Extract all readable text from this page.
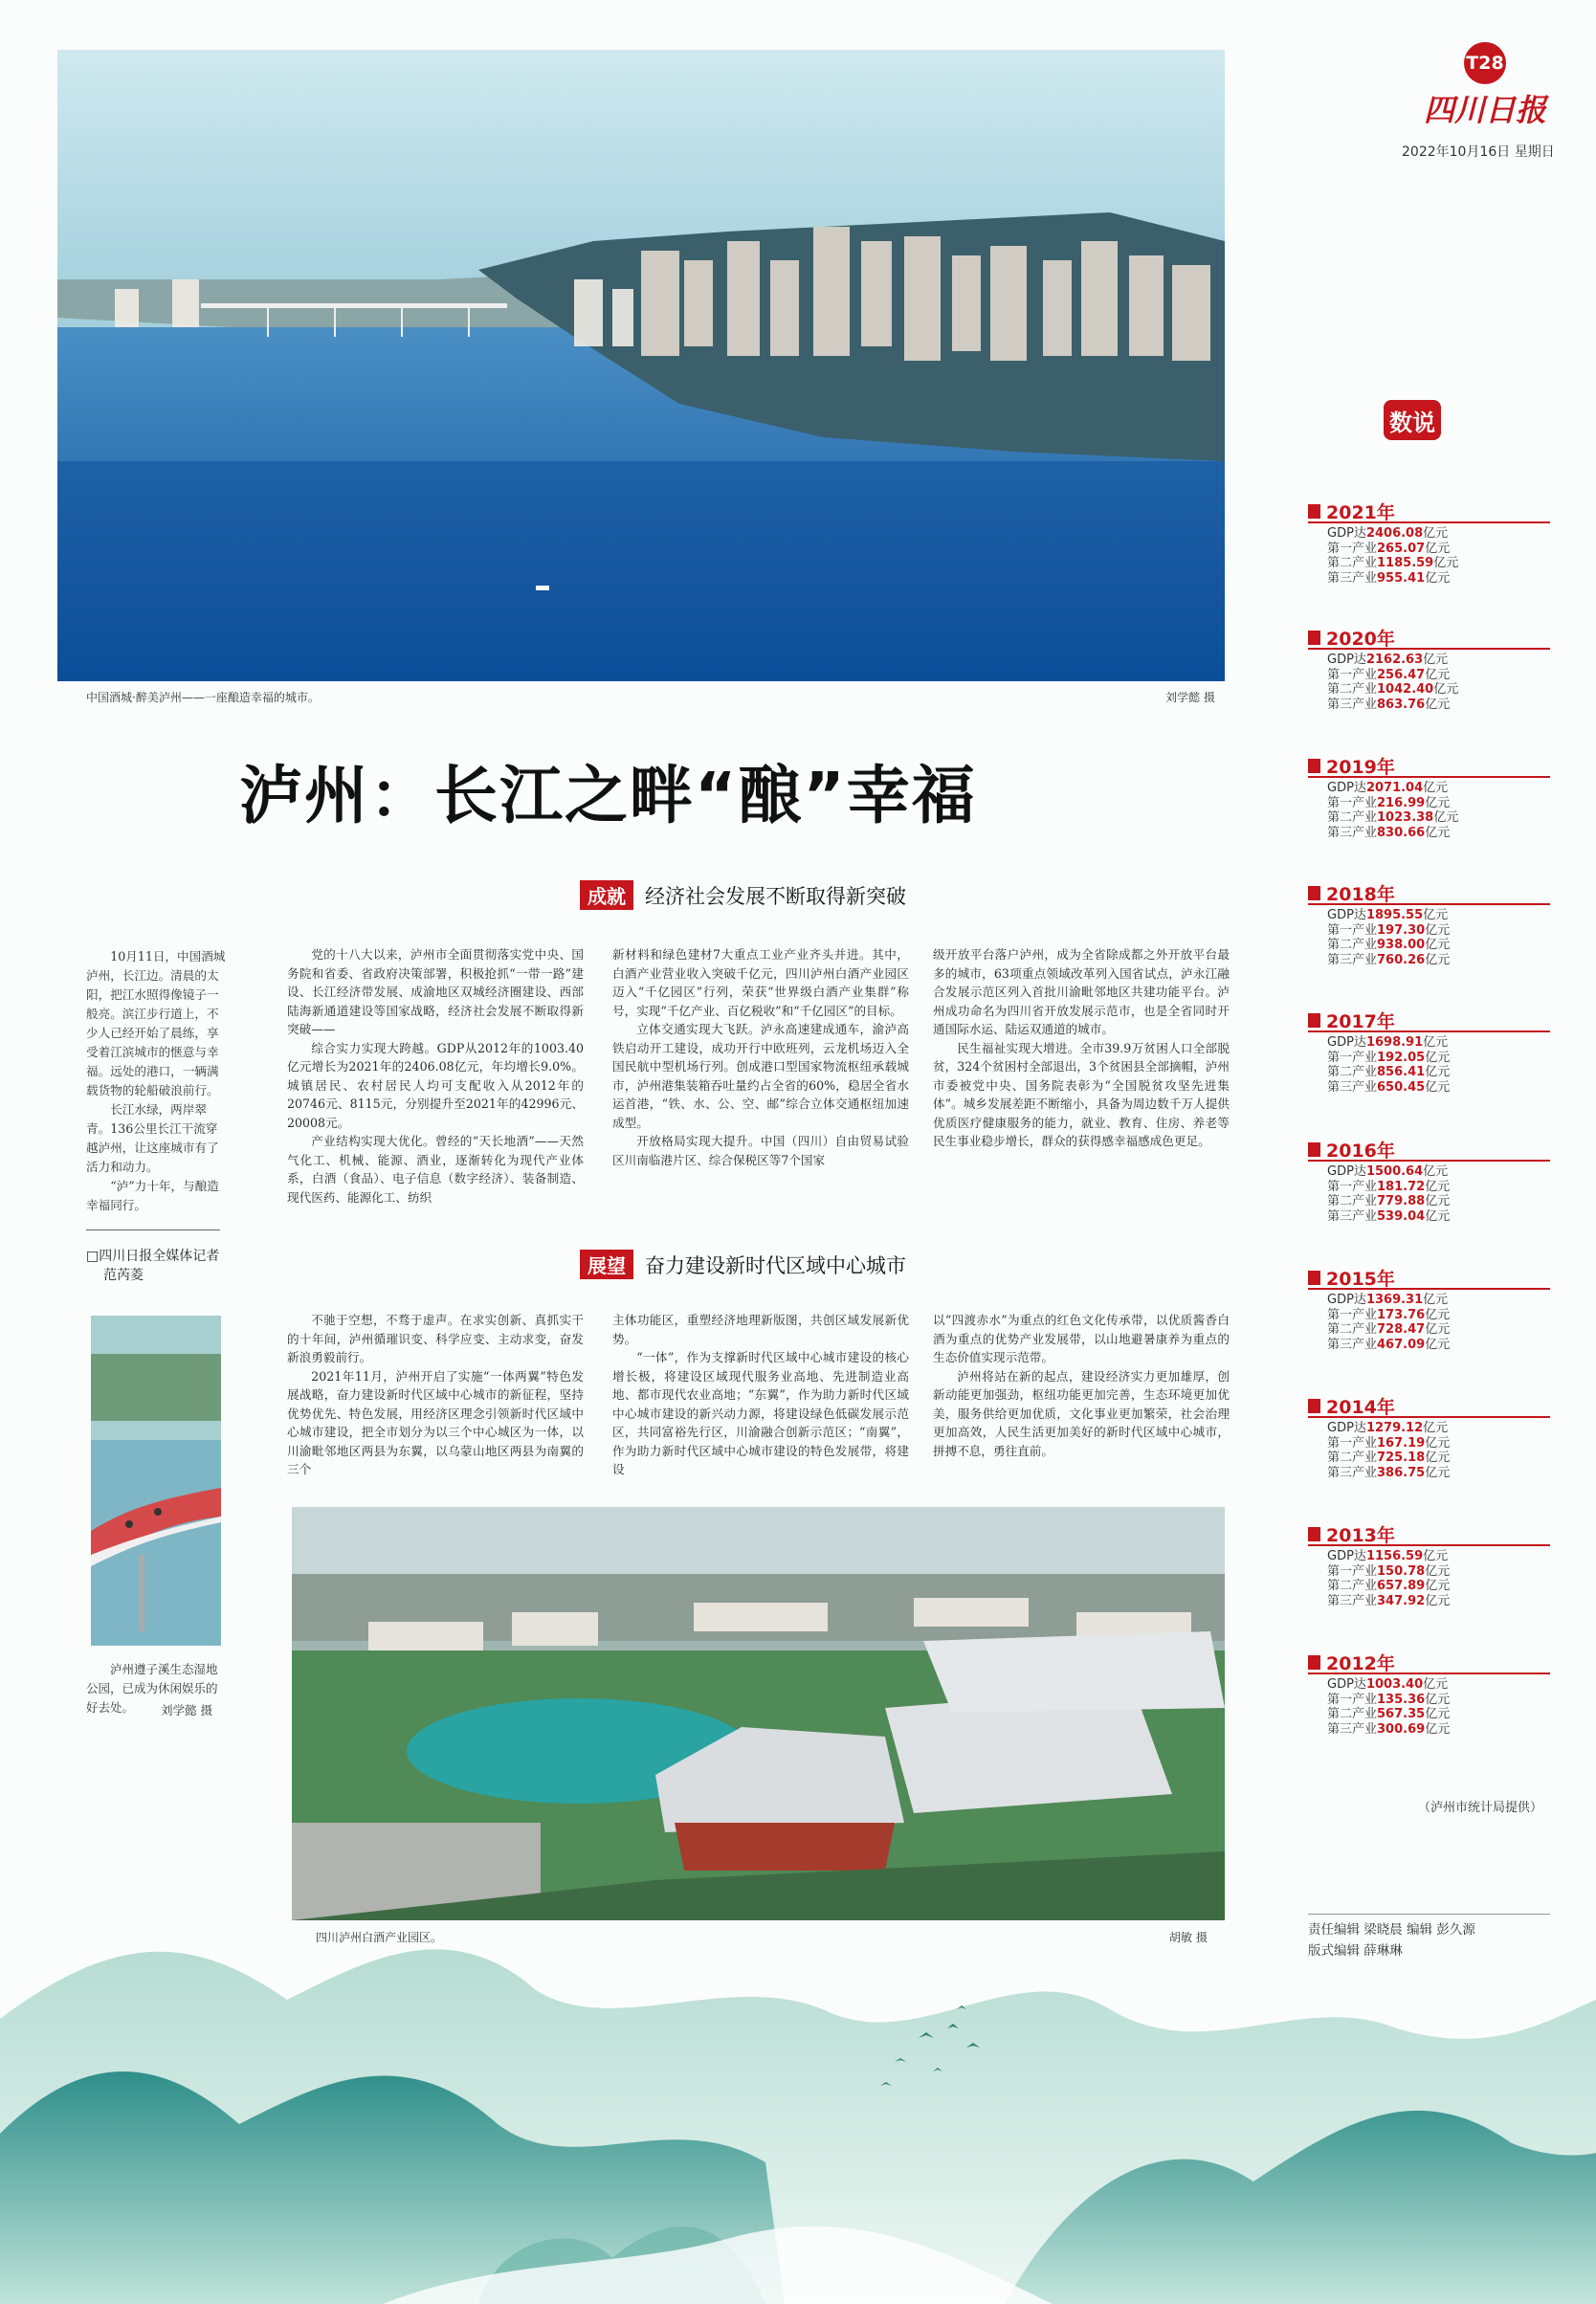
T28
四川日报
2022年10月16日 星期日
中国酒城·醉美泸州——一座酿造幸福的城市。	刘学懿 摄
泸州：长江之畔“酿”幸福
成就 经济社会发展不断取得新突破

10月11日，中国酒城泸州，长江边。清晨的太阳，把江水照得像镜子一般亮。滨江步行道上，不少人已经开始了晨练，享受着江滨城市的惬意与幸福。远处的港口，一辆满载货物的轮船破浪前行。

长江水绿，两岸翠青。136公里长江干流穿越泸州，让这座城市有了活力和动力。

“泸”力十年，与酿造幸福同行。

□四川日报全媒体记者
范芮菱
泸州遵子溪生态湿地公园，已成为休闲娱乐的好去处。	刘学懿 摄

党的十八大以来，泸州市全面贯彻落实党中央、国务院和省委、省政府决策部署，积极抢抓“一带一路”建设、长江经济带发展、成渝地区双城经济圈建设、西部陆海新通道建设等国家战略，经济社会发展不断取得新突破——

综合实力实现大跨越。GDP从2012年的1003.40亿元增长为2021年的2406.08亿元，年均增长9.0%。城镇居民、农村居民人均可支配收入从2012年的20746元、8115元，分别提升至2021年的42996元、20008元。

产业结构实现大优化。曾经的“天长地酒”——天然气化工、机械、能源、酒业，逐渐转化为现代产业体系，白酒（食品）、电子信息（数字经济）、装备制造、现代医药、能源化工、纺织

新材料和绿色建材7大重点工业产业齐头并进。其中，白酒产业营业收入突破千亿元，四川泸州白酒产业园区迈入“千亿园区”行列，荣获“世界级白酒产业集群”称号，实现“千亿产业、百亿税收”和“千亿园区”的目标。

立体交通实现大飞跃。泸永高速建成通车，渝泸高铁启动开工建设，成功开行中欧班列，云龙机场迈入全国民航中型机场行列。创成港口型国家物流枢纽承载城市，泸州港集装箱吞吐量约占全省的60%，稳居全省水运首港，“铁、水、公、空、邮”综合立体交通枢纽加速成型。

开放格局实现大提升。中国（四川）自由贸易试验区川南临港片区、综合保税区等7个国家

级开放平台落户泸州，成为全省除成都之外开放平台最多的城市，63项重点领域改革列入国省试点，泸永江融合发展示范区列入首批川渝毗邻地区共建功能平台。泸州成功命名为四川省开放发展示范市，也是全省同时开通国际水运、陆运双通道的城市。

民生福祉实现大增进。全市39.9万贫困人口全部脱贫，324个贫困村全部退出，3个贫困县全部摘帽，泸州市委被党中央、国务院表彰为“全国脱贫攻坚先进集体”。城乡发展差距不断缩小，具备为周边数千万人提供优质医疗健康服务的能力，就业、教育、住房、养老等民生事业稳步增长，群众的获得感幸福感成色更足。

展望 奋力建设新时代区域中心城市

不驰于空想，不骛于虚声。在求实创新、真抓实干的十年间，泸州循璀识变、科学应变、主动求变，奋发新浪勇毅前行。

2021年11月，泸州开启了实施“一体两翼”特色发展战略，奋力建设新时代区域中心城市的新征程，坚持优势优先、特色发展，用经济区理念引领新时代区域中心城市建设，把全市划分为以三个中心城区为一体，以川渝毗邻地区两县为东翼，以乌蒙山地区两县为南翼的三个

主体功能区，重塑经济地理新版图，共创区域发展新优势。

“一体”，作为支撑新时代区域中心城市建设的核心增长极，将建设区域现代服务业高地、先进制造业高地、都市现代农业高地；“东翼”，作为助力新时代区域中心城市建设的新兴动力源，将建设绿色低碳发展示范区，共同富裕先行区，川渝融合创新示范区；“南翼”，作为助力新时代区域中心城市建设的特色发展带，将建设

以“四渡赤水”为重点的红色文化传承带，以优质酱香白酒为重点的优势产业发展带，以山地避暑康养为重点的生态价值实现示范带。

泸州将站在新的起点，建设经济实力更加雄厚，创新动能更加强劲，枢纽功能更加完善，生态环境更加优美，服务供给更加优质，文化事业更加繁荣，社会治理更加高效，人民生活更加美好的新时代区域中心城市，拼搏不息，勇往直前。

四川泸州白酒产业园区。	胡敏 摄
数说
2021年
GDP达2406.08亿元
第一产业265.07亿元
第二产业1185.59亿元
第三产业955.41亿元
2020年
GDP达2162.63亿元
第一产业256.47亿元
第二产业1042.40亿元
第三产业863.76亿元
2019年
GDP达2071.04亿元
第一产业216.99亿元
第二产业1023.38亿元
第三产业830.66亿元
2018年
GDP达1895.55亿元
第一产业197.30亿元
第二产业938.00亿元
第三产业760.26亿元
2017年
GDP达1698.91亿元
第一产业192.05亿元
第二产业856.41亿元
第三产业650.45亿元
2016年
GDP达1500.64亿元
第一产业181.72亿元
第二产业779.88亿元
第三产业539.04亿元
2015年
GDP达1369.31亿元
第一产业173.76亿元
第二产业728.47亿元
第三产业467.09亿元
2014年
GDP达1279.12亿元
第一产业167.19亿元
第二产业725.18亿元
第三产业386.75亿元
2013年
GDP达1156.59亿元
第一产业150.78亿元
第二产业657.89亿元
第三产业347.92亿元
2012年
GDP达1003.40亿元
第一产业135.36亿元
第二产业567.35亿元
第三产业300.69亿元
（泸州市统计局提供）
责任编辑 梁晓晨 编辑 彭久源
版式编辑 薛琳琳
